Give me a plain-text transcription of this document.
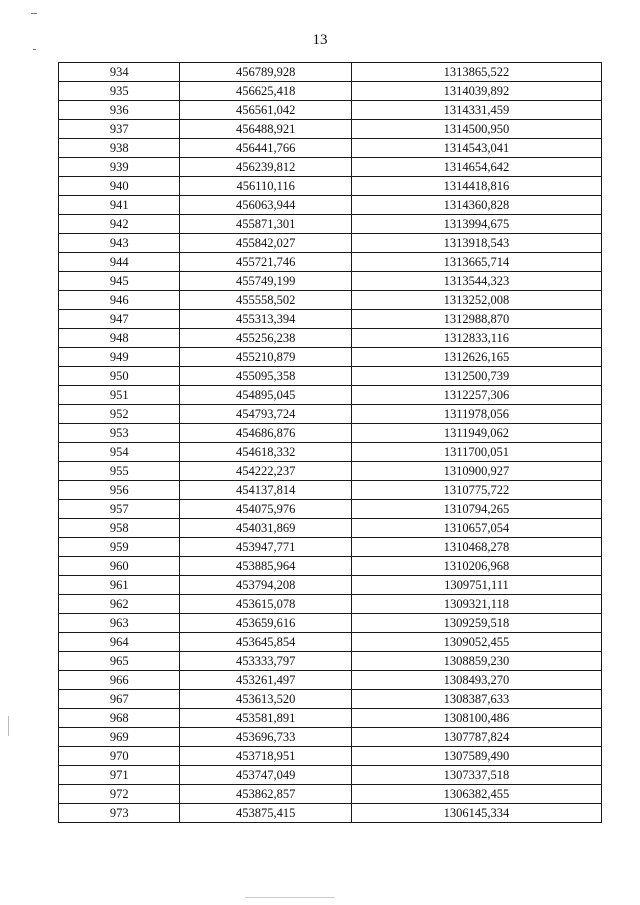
13
934	456789,928	1313865,522
935	456625,418	1314039,892
936	456561,042	1314331,459
937	456488,921	1314500,950
938	456441,766	1314543,041
939	456239,812	1314654,642
940	456110,116	1314418,816
941	456063,944	1314360,828
942	455871,301	1313994,675
943	455842,027	1313918,543
944	455721,746	1313665,714
945	455749,199	1313544,323
946	455558,502	1313252,008
947	455313,394	1312988,870
948	455256,238	1312833,116
949	455210,879	1312626,165
950	455095,358	1312500,739
951	454895,045	1312257,306
952	454793,724	1311978,056
953	454686,876	1311949,062
954	454618,332	1311700,051
955	454222,237	1310900,927
956	454137,814	1310775,722
957	454075,976	1310794,265
958	454031,869	1310657,054
959	453947,771	1310468,278
960	453885,964	1310206,968
961	453794,208	1309751,111
962	453615,078	1309321,118
963	453659,616	1309259,518
964	453645,854	1309052,455
965	453333,797	1308859,230
966	453261,497	1308493,270
967	453613,520	1308387,633
968	453581,891	1308100,486
969	453696,733	1307787,824
970	453718,951	1307589,490
971	453747,049	1307337,518
972	453862,857	1306382,455
973	453875,415	1306145,334
